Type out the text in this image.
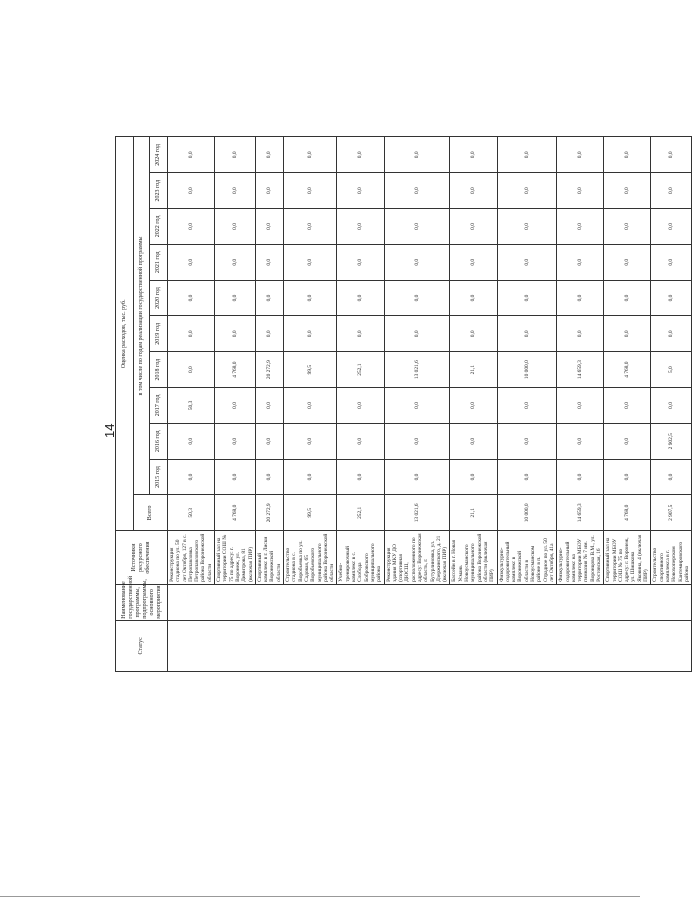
14
Статус	Наименование государственной программы, подпрограммы, основного мероприятия	Источники ресурсного обеспечения	Оценка расходов, тыс. руб.										
			Всего	в том числе по годам реализации государственной программы									
				2015 год	2016 год	2017 год	2018 год	2019 год	2020 год	2021 год	2022 год	2023 год	2024 год
		Реконструкция стадиона по ул. 50 лет Октября, 127 в с. Петропавловка Петропавловского района Воронежской области	50,3	0,0	0,0	50,3	0,0	0,0	0,0	0,0	0,0	0,0	0,0
		Спортивный зал на территории СОШ № 75 по адресу: г. Воронеж, ул. Димитрова, 81 (включая ПИР)	4 768,0	0,0	0,0	0,0	4 768,0	0,0	0,0	0,0	0,0	0,0	0,0
		Спортивный комплекс в г. Лиски Воронежской области	20 272,9	0,0	0,0	0,0	20 272,9	0,0	0,0	0,0	0,0	0,0	0,0
		Строительство стадиона в с. Воробьевка по ул. Садовая, 65 Воробьевского муниципального района Воронежской области	99,5	0,0	0,0	0,0	99,5	0,0	0,0	0,0	0,0	0,0	0,0
		Учебно-тренировочный комплекс в с. Слобода Бобровского муниципального района	252,1	0,0	0,0	0,0	252,1	0,0	0,0	0,0	0,0	0,0	0,0
		Реконструкция здания МКУ ДО (спортивная ДЮСШ, расположенного по адресу: Воронежская область, г. Бутурлиновка, ул. Дзержинского, д. 21 (включая ПИР)	13 021,6	0,0	0,0	0,0	13 021,6	0,0	0,0	0,0	0,0	0,0	0,0
		Бассейн в г. Новая Усмань Новоусманского муниципального района Воронежской области (включая ПИР)	21,1	0,0	0,0	0,0	21,1	0,0	0,0	0,0	0,0	0,0	0,0
		Физкультурно-оздоровительный комплекс в Воронежской области в Новоусманском районе в п. Отрадное по ул. 50 лет Октября, 41а	10 000,0	0,0	0,0	0,0	10 000,0	0,0	0,0	0,0	0,0	0,0	0,0
		Физкультурно-оздоровительный комплекс на территории МБОУ гимназия № 7 им. Воронцова В.М., ул. Ростовская, 16	14 659,3	0,0	0,0	0,0	14 659,3	0,0	0,0	0,0	0,0	0,0	0,0
		Спортивный зал на территории МБОУ СОШ № 75 по адресу: г. Воронеж, ул. Шишкова Яковина, 4 (включая ПИР)	4 768,0	0,0	0,0	0,0	4 768,0	0,0	0,0	0,0	0,0	0,0	0,0
		Строительство спортивного комплекса в г. Новохоперском Кантемировского района	2 907,5	0,0	2 902,5	0,0	5,0	0,0	0,0	0,0	0,0	0,0	0,0
